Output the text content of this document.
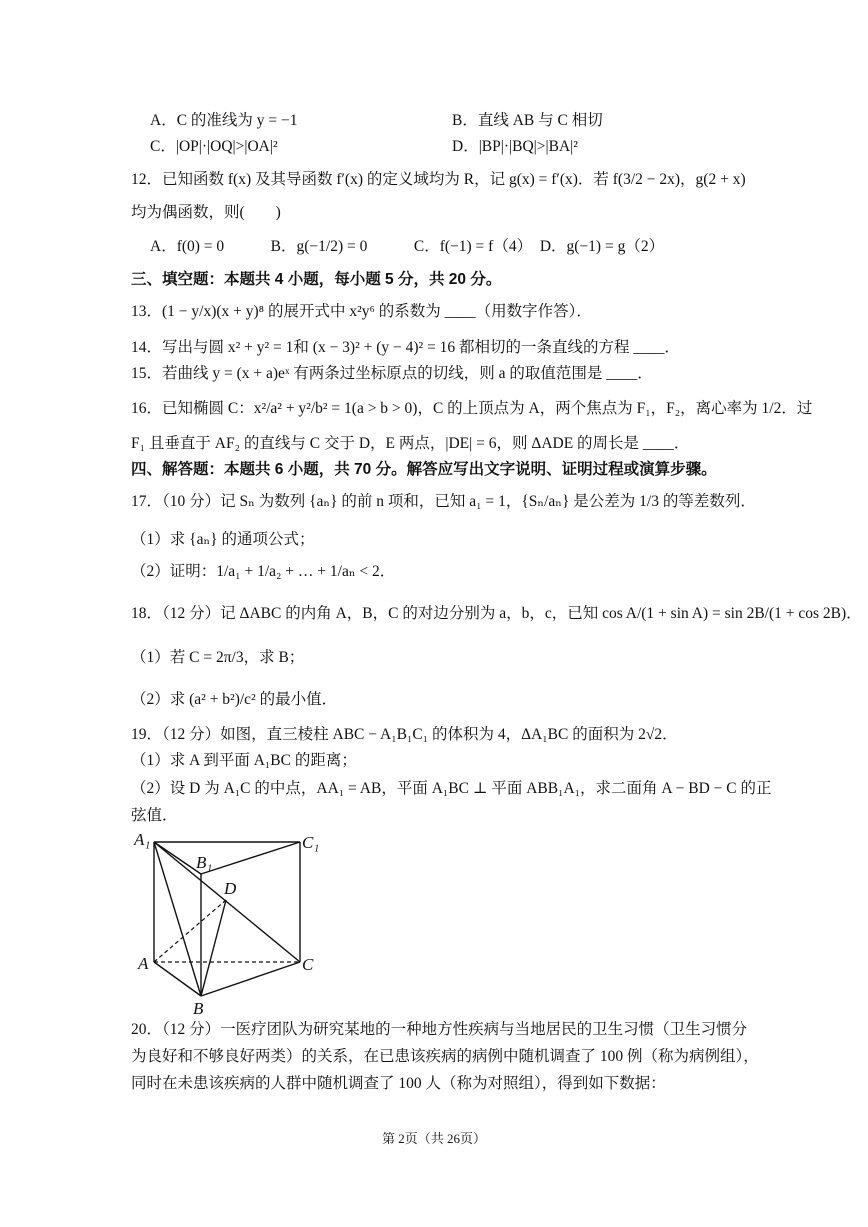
A．C 的准线为 y = −1	B．直线 AB 与 C 相切
C．|OP|·|OQ|>|OA|²	D．|BP|·|BQ|>|BA|²
12．已知函数 f(x) 及其导函数 f′(x) 的定义域均为 R，记 g(x) = f′(x)．若 f(3/2 − 2x)，g(2 + x)
均为偶函数，则(　　)
A．f(0) = 0　　　B．g(−1/2) = 0　　　C．f(−1) = f（4）　D．g(−1) = g（2）
三、填空题：本题共 4 小题，每小题 5 分，共 20 分。
13．(1 − y/x)(x + y)⁸ 的展开式中 x²y⁶ 的系数为 ____（用数字作答）．
14．写出与圆 x² + y² = 1和 (x − 3)² + (y − 4)² = 16 都相切的一条直线的方程 ____．
15．若曲线 y = (x + a)eˣ 有两条过坐标原点的切线，则 a 的取值范围是 ____．
16．已知椭圆 C：x²/a² + y²/b² = 1(a > b > 0)，C 的上顶点为 A，两个焦点为 F₁，F₂，离心率为 1/2．过
F₁ 且垂直于 AF₂ 的直线与 C 交于 D，E 两点，|DE| = 6，则 ΔADE 的周长是 ____．
四、解答题：本题共 6 小题，共 70 分。解答应写出文字说明、证明过程或演算步骤。
17．（10 分）记 Sₙ 为数列 {aₙ} 的前 n 项和，已知 a₁ = 1，{Sₙ/aₙ} 是公差为 1/3 的等差数列．
（1）求 {aₙ} 的通项公式；
（2）证明：1/a₁ + 1/a₂ + … + 1/aₙ < 2．
18．（12 分）记 ΔABC 的内角 A，B，C 的对边分别为 a，b，c，已知 cos A/(1 + sin A) = sin 2B/(1 + cos 2B)．
（1）若 C = 2π/3，求 B；
（2）求 (a² + b²)/c² 的最小值．
19．（12 分）如图，直三棱柱 ABC − A₁B₁C₁ 的体积为 4，ΔA₁BC 的面积为 2√2．
（1）求 A 到平面 A₁BC 的距离；
（2）设 D 为 A₁C 的中点，AA₁ = AB，平面 A₁BC ⊥ 平面 ABB₁A₁，求二面角 A − BD − C 的正
弦值．
A₁
B₁
C₁
D
A
B
C
20．（12 分）一医疗团队为研究某地的一种地方性疾病与当地居民的卫生习惯（卫生习惯分
为良好和不够良好两类）的关系，在已患该疾病的病例中随机调查了 100 例（称为病例组），
同时在未患该疾病的人群中随机调查了 100 人（称为对照组），得到如下数据：
第 2页（共 26页）
